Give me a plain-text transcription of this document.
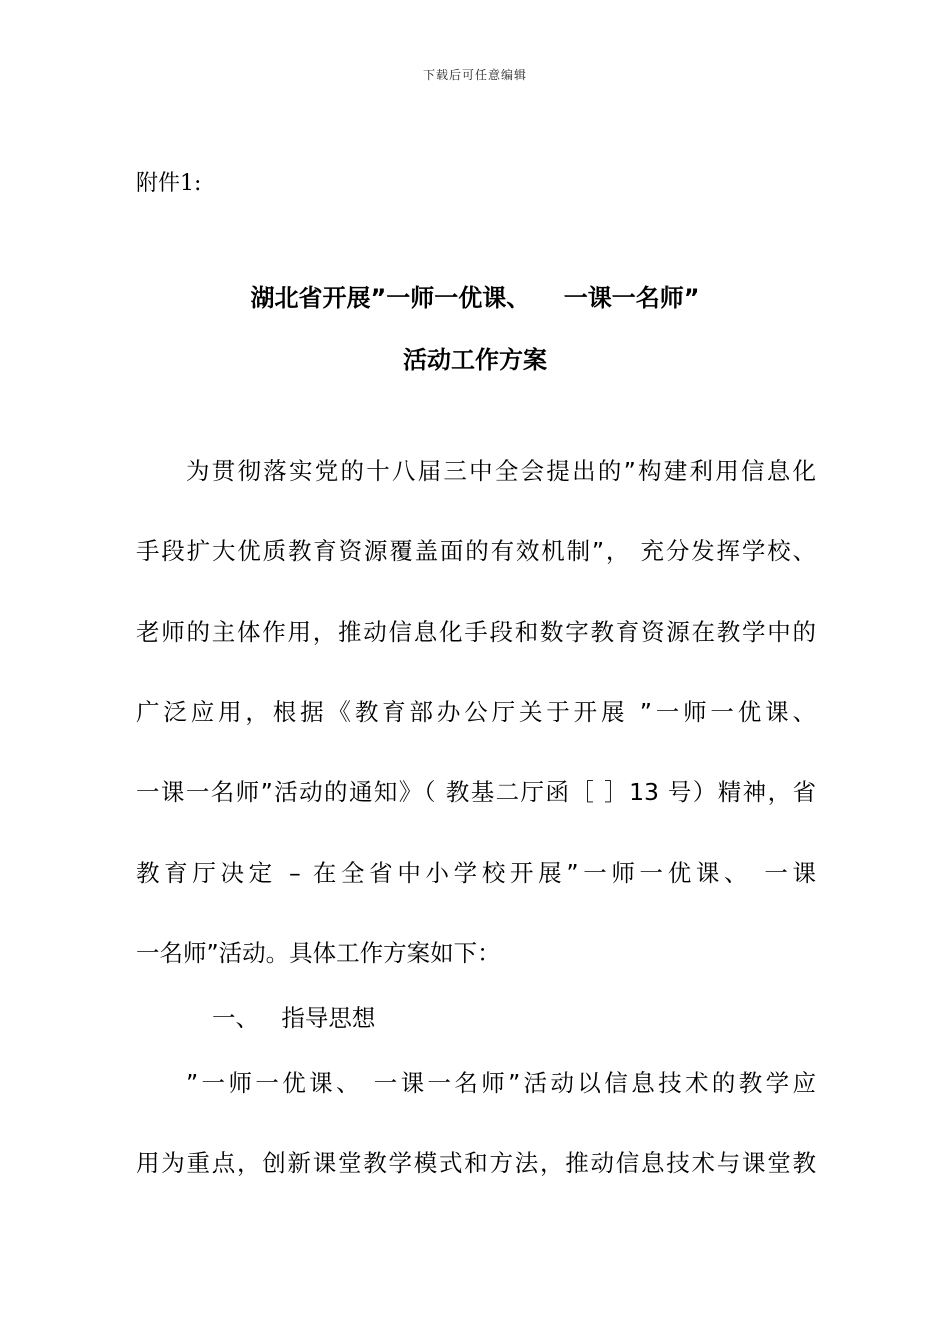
下载后可任意编辑
附件1:
湖北省开展”一师一优课、    一课一名师”
活动工作方案
为贯彻落实党的十八届三中全会提出的”构建利用信息化
手段扩大优质教育资源覆盖面的有效机制”， 充分发挥学校、
老师的主体作用，推动信息化手段和数字教育资源在教学中的
广泛应用，根据《教育部办公厅关于开展 ”一师一优课、
一课一名师”活动的通知》（ 教基二厅函［ ］13 号）精神，省
教育厅决定 – 在全省中小学校开展”一师一优课、 一课
一名师”活动。具体工作方案如下：
一、   指导思想
”一师一优课、 一课一名师”活动以信息技术的教学应
用为重点，创新课堂教学模式和方法，推动信息技术与课堂教
